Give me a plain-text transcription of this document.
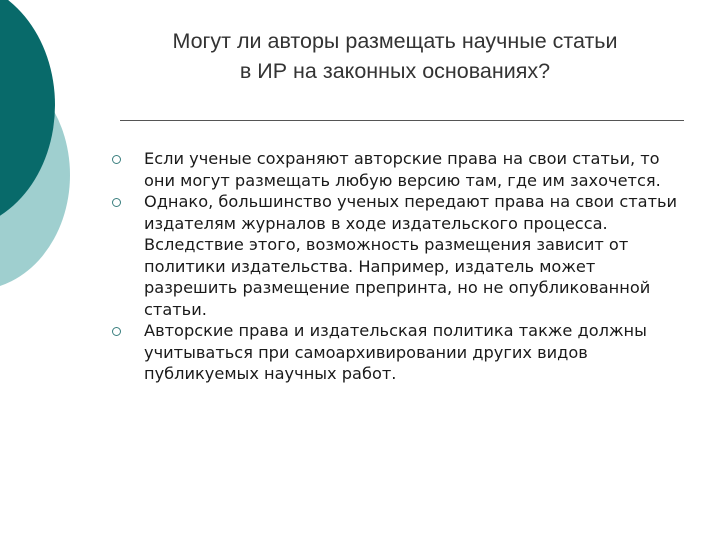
Могут ли авторы размещать научные статьи
в ИР на законных основаниях?
Если ученые сохраняют авторские права на свои статьи, то они могут размещать любую версию там, где им захочется.
Однако, большинство ученых передают права на свои статьи издателям журналов в ходе издательского процесса. Вследствие этого, возможность размещения зависит от политики издательства. Например, издатель может разрешить размещение препринта, но не опубликованной статьи.
Авторские права и издательская политика также должны учитываться при самоархивировании других видов публикуемых научных работ.
